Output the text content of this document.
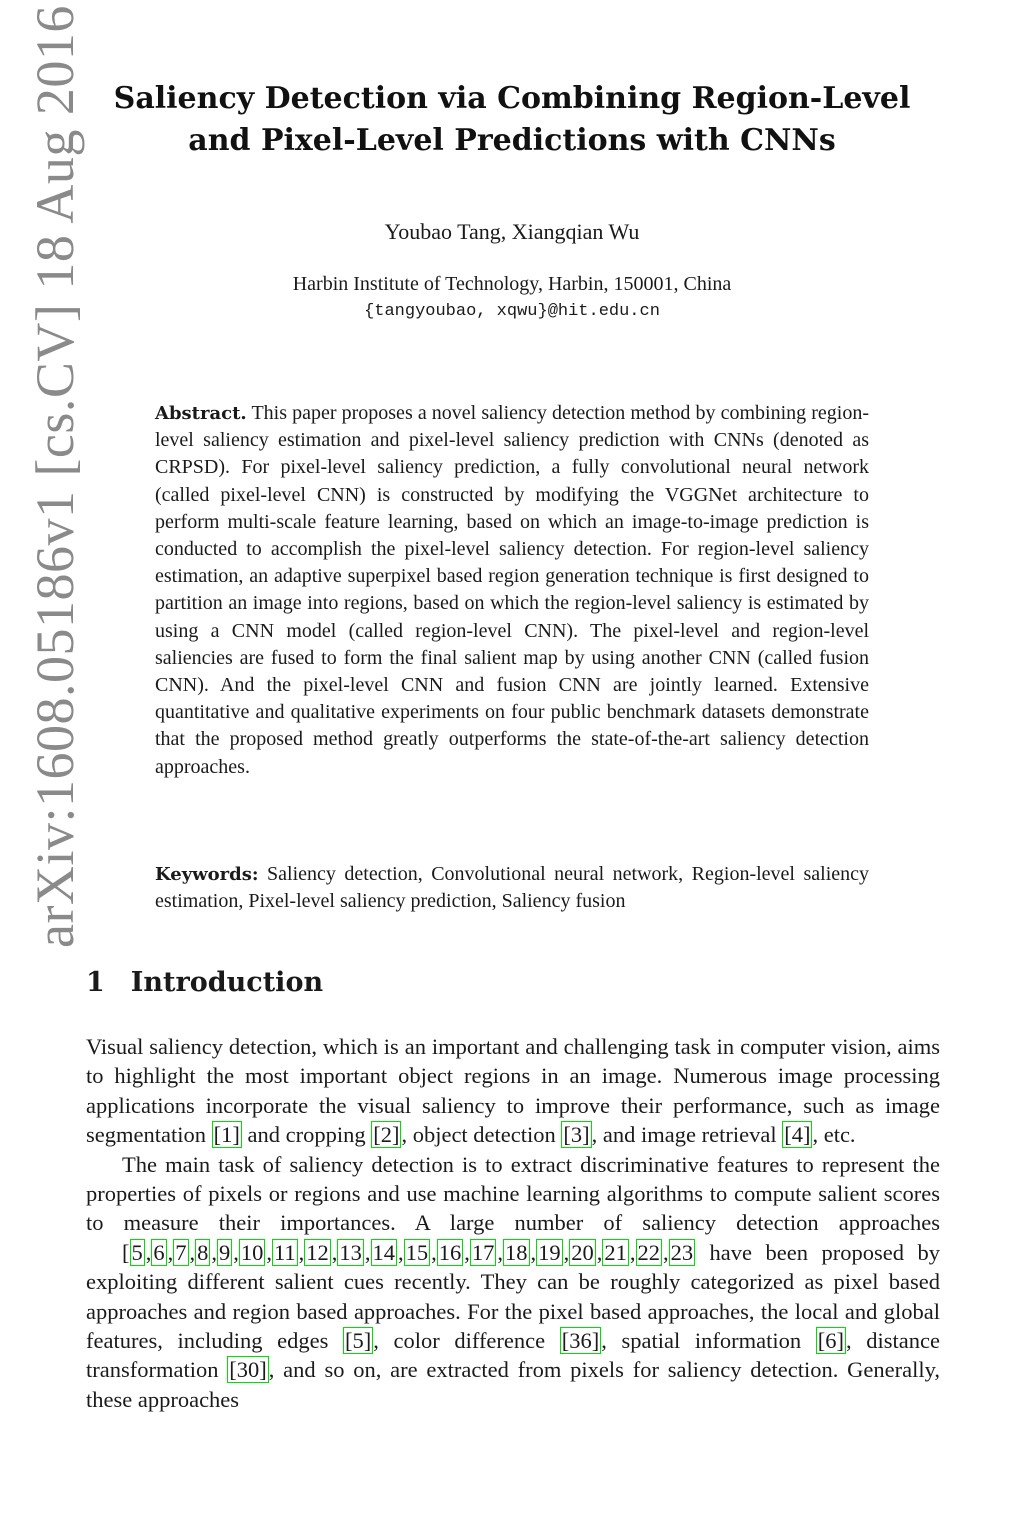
arXiv:1608.05186v1 [cs.CV] 18 Aug 2016 Saliency Detection via Combining Region-Level
and Pixel-Level Predictions with CNNs
Youbao Tang, Xiangqian Wu
Harbin Institute of Technology, Harbin, 150001, China
{tangyoubao, xqwu}@hit.edu.cn
Abstract. This paper proposes a novel saliency detection method by combining region-level saliency estimation and pixel-level saliency prediction with CNNs (denoted as CRPSD). For pixel-level saliency prediction, a fully convolutional neural network (called pixel-level CNN) is constructed by modifying the VGGNet architecture to perform multi-scale feature learning, based on which an image-to-image prediction is conducted to accomplish the pixel-level saliency detection. For region-level saliency estimation, an adaptive superpixel based region generation technique is first designed to partition an image into regions, based on which the region-level saliency is estimated by using a CNN model (called region-level CNN). The pixel-level and region-level saliencies are fused to form the final salient map by using another CNN (called fusion CNN). And the pixel-level CNN and fusion CNN are jointly learned. Extensive quantitative and qualitative experiments on four public benchmark datasets demonstrate that the proposed method greatly outperforms the state-of-the-art saliency detection approaches.
Keywords: Saliency detection, Convolutional neural network, Region-level saliency estimation, Pixel-level saliency prediction, Saliency fusion
1 Introduction

Visual saliency detection, which is an important and challenging task in computer vision, aims to highlight the most important object regions in an image. Numerous image processing applications incorporate the visual saliency to improve their performance, such as image segmentation [1] and cropping [2], object detection [3], and image retrieval [4], etc.

The main task of saliency detection is to extract discriminative features to represent the properties of pixels or regions and use machine learning algorithms to compute salient scores to measure their importances. A large number of saliency detection approaches [5 ,6 ,7 ,8 ,9 ,10 ,11 ,12 ,13 ,14 ,15 ,16 ,17 ,18 ,19 ,20 ,21 ,22 ,23 have been proposed by exploiting different salient cues recently. They can be roughly categorized as pixel based approaches and region based approaches. For the pixel based approaches, the local and global features, including edges [5], color difference [36], spatial information [6], distance transformation [30], and so on, are extracted from pixels for saliency detection. Generally, these approaches
